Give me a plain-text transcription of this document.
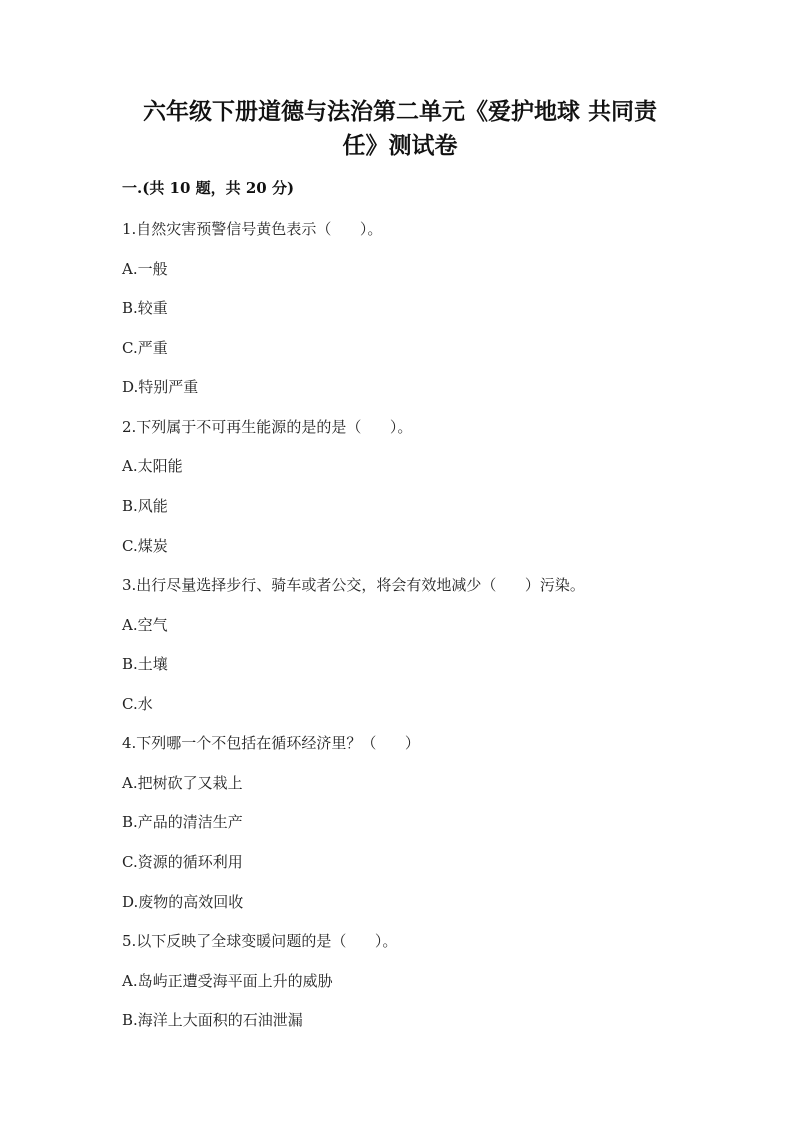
六年级下册道德与法治第二单元《爱护地球 共同责
任》测试卷
一.(共 10 题，共 20 分)
1.自然灾害预警信号黄色表示（      ）。
A.一般
B.较重
C.严重
D.特别严重
2.下列属于不可再生能源的是的是（      ）。
A.太阳能
B.风能
C.煤炭
3.出行尽量选择步行、骑车或者公交，将会有效地减少（      ）污染。
A.空气
B.土壤
C.水
4.下列哪一个不包括在循环经济里？（      ）
A.把树砍了又栽上
B.产品的清洁生产
C.资源的循环利用
D.废物的高效回收
5.以下反映了全球变暖问题的是（      ）。
A.岛屿正遭受海平面上升的威胁
B.海洋上大面积的石油泄漏
